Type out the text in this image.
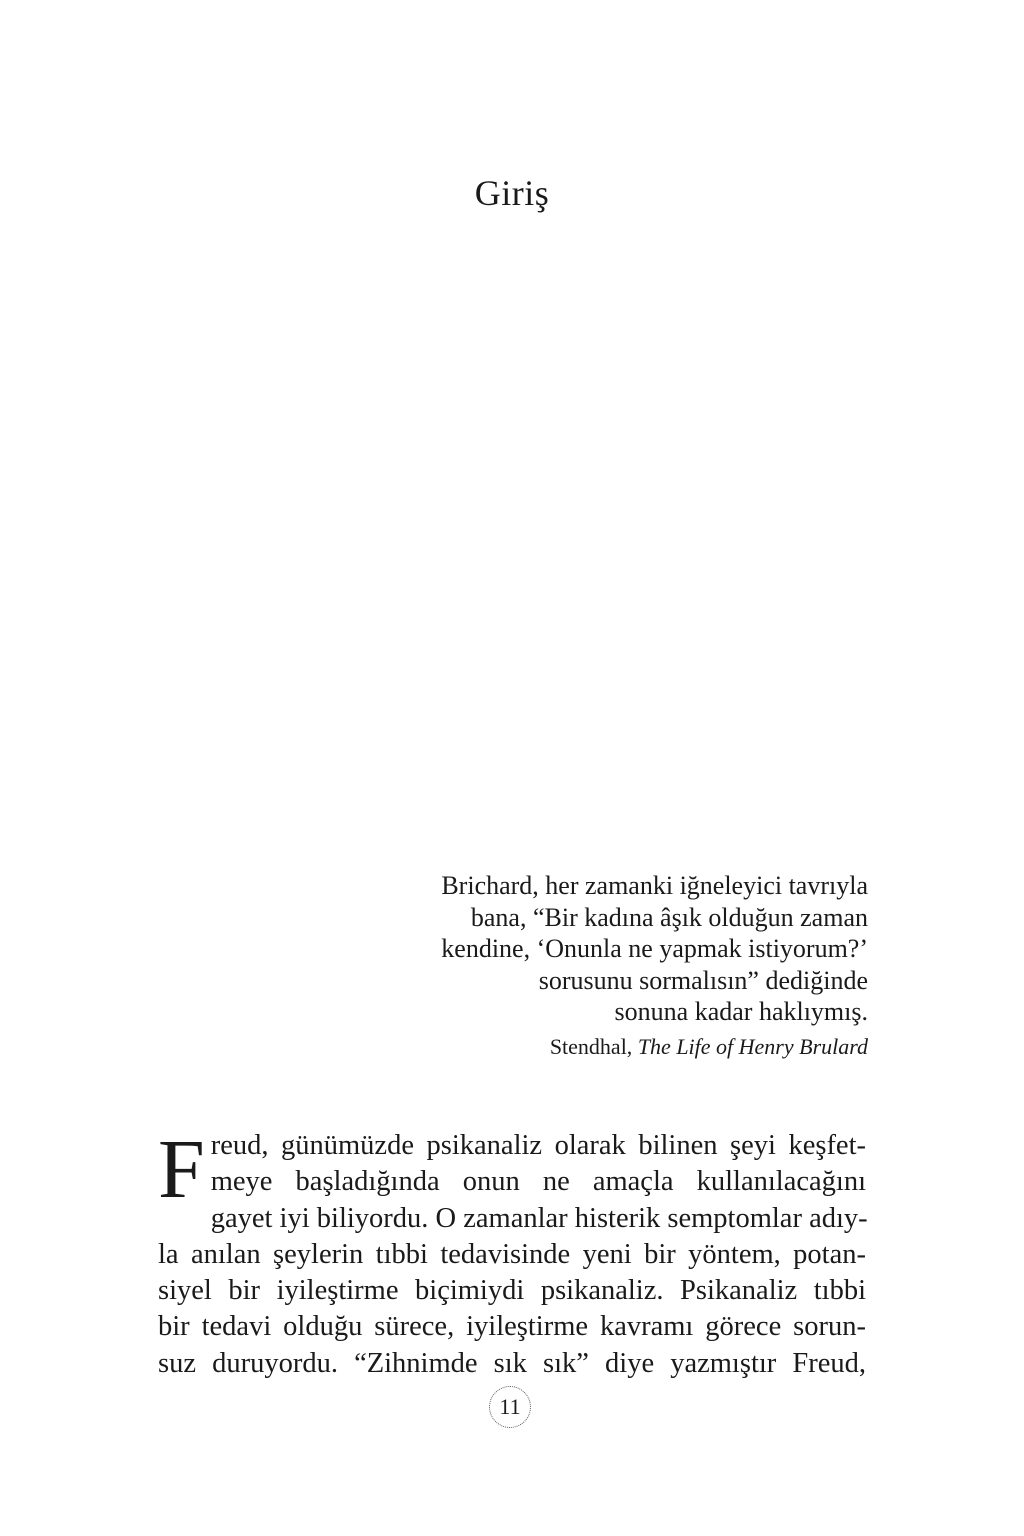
Giriş
Brichard, her zamanki iğneleyici tavrıyla
bana, “Bir kadına âşık olduğun zaman
kendine, ‘Onunla ne yapmak istiyorum?’
sorusunu sormalısın” dediğinde
sonuna kadar haklıymış.
Stendhal, The Life of Henry Brulard
F reud, günümüzde psikanaliz olarak bilinen şeyi keşfet-
meye başladığında onun ne amaçla kullanılacağını
gayet iyi biliyordu. O zamanlar histerik semptomlar adıy-
la anılan şeylerin tıbbi tedavisinde yeni bir yöntem, potan-
siyel bir iyileştirme biçimiydi psikanaliz. Psikanaliz tıbbi
bir tedavi olduğu sürece, iyileştirme kavramı görece sorun-
suz duruyordu. “Zihnimde sık sık” diye yazmıştır Freud,
11
